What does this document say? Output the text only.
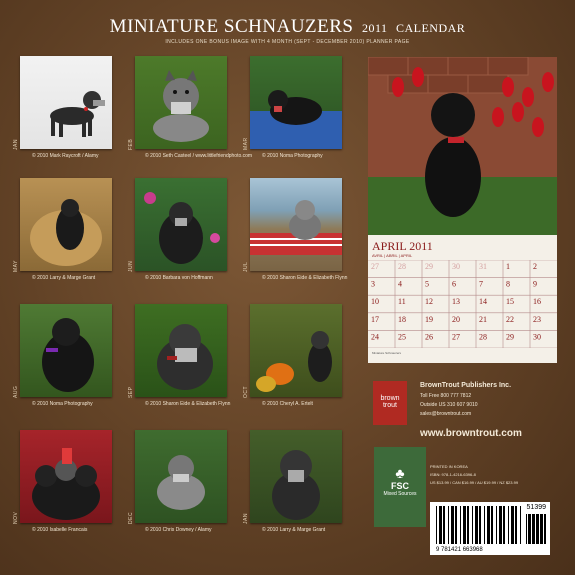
MINIATURE SCHNAUZERS 2011 CALENDAR
INCLUDES ONE BONUS IMAGE WITH 4 MONTH (SEPT - DECEMBER 2010) PLANNER PAGE
© 2010 Mark Raycroft / Alamy	© 2010 Seth Casteel / www.littlefriendphoto.com © 2010 Noma Photography
© 2010 Larry & Marge Grant	© 2010 Barbara von Hoffmann	© 2010 Sharon Eide & Elizabeth Flynn
© 2010 Noma Photography	© 2010 Sharon Eide & Elizabeth Flynn	© 2010 Cheryl A. Ertelt
© 2010 Isabelle Francais	© 2010 Chris Downey / Alamy	© 2010 Larry & Marge Grant
APRIL 2011
AVRIL | ABRIL | APRIL
27 28 29 30 31 1	2
3	4	5	6	7	8	9
10 11 12 13 14 15 16
17 18 19 20 21 22 23
24 25 26 27 28 29 30
Miniature Schnauzers
brown
trout
BrownTrout Publishers Inc.
Toll Free 800 777 7812
Outside US 310 607 9010
sales@browntrout.com
www.browntrout.com
♣
FSC
Mixed Sources
PRINTED IN KOREA
ISBN: 978-1-4216-6396-8
US $13.99 / CAN $16.99 / AU $19.99 / NZ $23.99
9 781421 663968
51399
JAN	FEB	MAR
MAY	JUN	JUL
AUG	SEP	OCT
NOV	DEC	JAN
